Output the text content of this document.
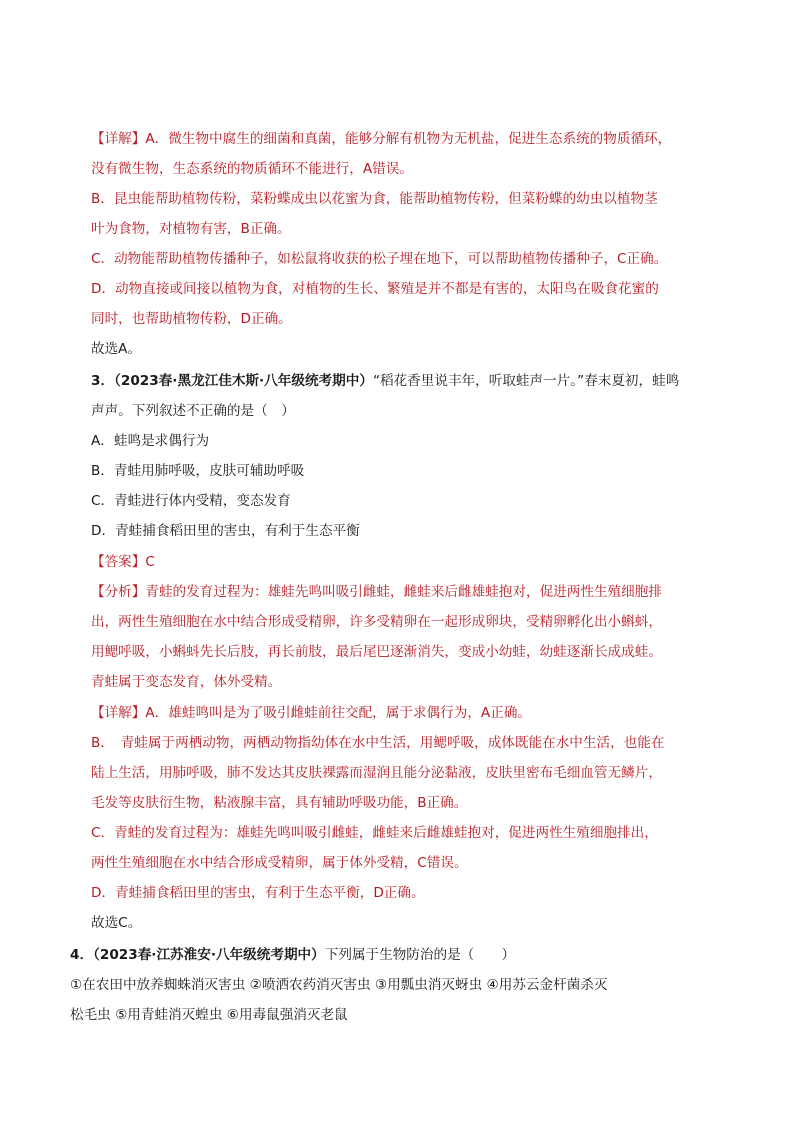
【详解】A．微生物中腐生的细菌和真菌，能够分解有机物为无机盐，促进生态系统的物质循环，
没有微生物，生态系统的物质循环不能进行，A错误。
B．昆虫能帮助植物传粉，菜粉蝶成虫以花蜜为食，能帮助植物传粉，但菜粉蝶的幼虫以植物茎
叶为食物，对植物有害，B正确。
C．动物能帮助植物传播种子，如松鼠将收获的松子埋在地下，可以帮助植物传播种子，C正确。
D．动物直接或间接以植物为食，对植物的生长、繁殖是并不都是有害的，太阳鸟在吸食花蜜的
同时，也帮助植物传粉，D正确。
故选A。
3．（2023春·黑龙江佳木斯·八年级统考期中）“稻花香里说丰年，听取蛙声一片。”春末夏初，蛙鸣
声声。下列叙述不正确的是（　）
A．蛙鸣是求偶行为
B．青蛙用肺呼吸，皮肤可辅助呼吸
C．青蛙进行体内受精，变态发育
D．青蛙捕食稻田里的害虫，有利于生态平衡
【答案】C
【分析】青蛙的发育过程为：雄蛙先鸣叫吸引雌蛙，雌蛙来后雌雄蛙抱对，促进两性生殖细胞排
出，两性生殖细胞在水中结合形成受精卵，许多受精卵在一起形成卵块，受精卵孵化出小蝌蚪，
用鳃呼吸，小蝌蚪先长后肢，再长前肢，最后尾巴逐渐消失，变成小幼蛙，幼蛙逐渐长成成蛙。
青蛙属于变态发育，体外受精。
【详解】A．雄蛙鸣叫是为了吸引雌蛙前往交配，属于求偶行为，A正确。
B．　青蛙属于两栖动物，两栖动物指幼体在水中生活，用鳃呼吸，成体既能在水中生活，也能在
陆上生活，用肺呼吸，肺不发达其皮肤裸露而湿润且能分泌黏液，皮肤里密布毛细血管无鳞片，
毛发等皮肤衍生物，粘液腺丰富，具有辅助呼吸功能，B正确。
C．青蛙的发育过程为：雄蛙先鸣叫吸引雌蛙，雌蛙来后雌雄蛙抱对，促进两性生殖细胞排出，
两性生殖细胞在水中结合形成受精卵，属于体外受精，C错误。
D．青蛙捕食稻田里的害虫，有利于生态平衡，D正确。
故选C。
4．（2023春·江苏淮安·八年级统考期中）下列属于生物防治的是（　　）
①在农田中放养蜘蛛消灭害虫 ②喷洒农药消灭害虫 ③用瓢虫消灭蚜虫 ④用苏云金杆菌杀灭
松毛虫 ⑤用青蛙消灭蝗虫 ⑥用毒鼠强消灭老鼠
